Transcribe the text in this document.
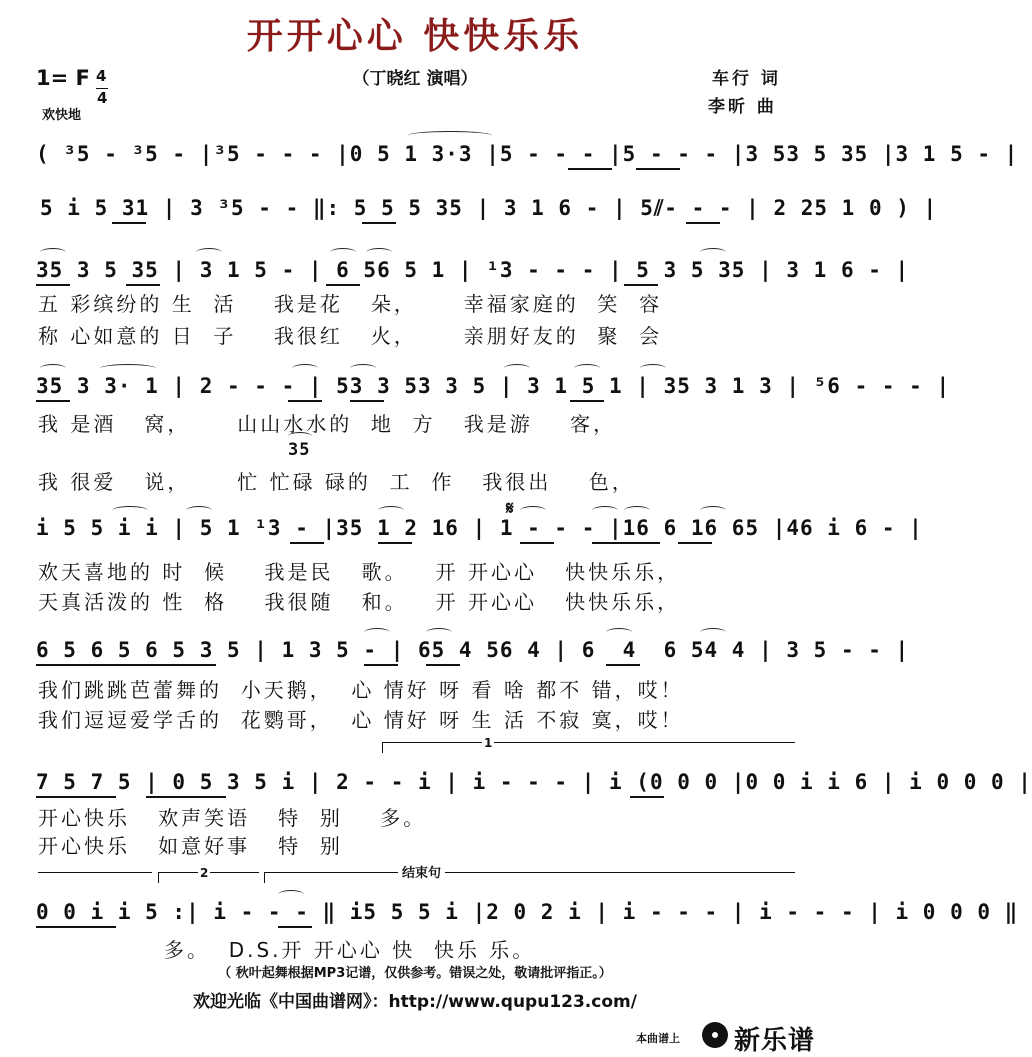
开开心心 快快乐乐
（丁晓红 演唱）
1= F 4
4
欢快地
车行 词
李昕 曲
( ³5 - ³5 - |³5 - - - |0 5 1 3·3 |5 - - - |5 - - - |3 53 5 35 |3 1 5 - |
5 i 5 31 | 3 ³5 - - ‖: 5 5 5 35 | 3 1 6 - | 5⫽- - - | 2 25 1 0 ) |
35 3 5 35 | 3 1 5 - | 6 56 5 1 | ¹3 - - - | 5 3 5 35 | 3 1 6 - |
五 彩缤纷的 生  活    我是花   朵，     幸福家庭的  笑  容
称 心如意的 日  子    我很红   火，     亲朋好友的  聚  会
35 3 3· 1 | 2 - - - | 53 3 53 3 5 | 3 1 5 1 | 35 3 1 3 | ⁵6 - - - |
我 是酒   窝，     山山水水的  地  方   我是游    客，
35
我 很爱   说，     忙 忙碌 碌的  工  作   我很出    色，
𝄋
i 5 5 i i | 5 1 ¹3 - |35 1 2 16 | 1 - - - |16 6 16 65 |46 i 6 - |
欢天喜地的 时  候    我是民   歌。   开 开心心   快快乐乐，
天真活泼的 性  格    我很随   和。   开 开心心   快快乐乐，
6 5 6 5 6 5 3 5 | 1 3 5 - | 65 4 56 4 | 6  4  6 54 4 | 3 5 - - |
我们跳跳芭蕾舞的  小天鹅，  心 情好 呀 看 啥 都不 错，哎！
我们逗逗爱学舌的  花鹦哥，  心 情好 呀 生 活 不寂 寞，哎！
1
7 5 7 5 | 0 5 3 5 i | 2 - - i | i - - - | i (0 0 0 |0 0 i i 6 | i 0 0 0 |
开心快乐   欢声笑语   特  别    多。
开心快乐   如意好事   特  别
2	结束句
0 0 i i 5 :| i - - - ‖ i5 5 5 i |2 0 2 i | i - - - | i - - - | i 0 0 0 ‖
多。  D.S.开 开心心 快  快乐 乐。
（ 秋叶起舞根据MP3记谱，仅供参考。错误之处，敬请批评指正。）
欢迎光临《中国曲谱网》：http://www.qupu123.com/
本曲谱上 新乐谱
